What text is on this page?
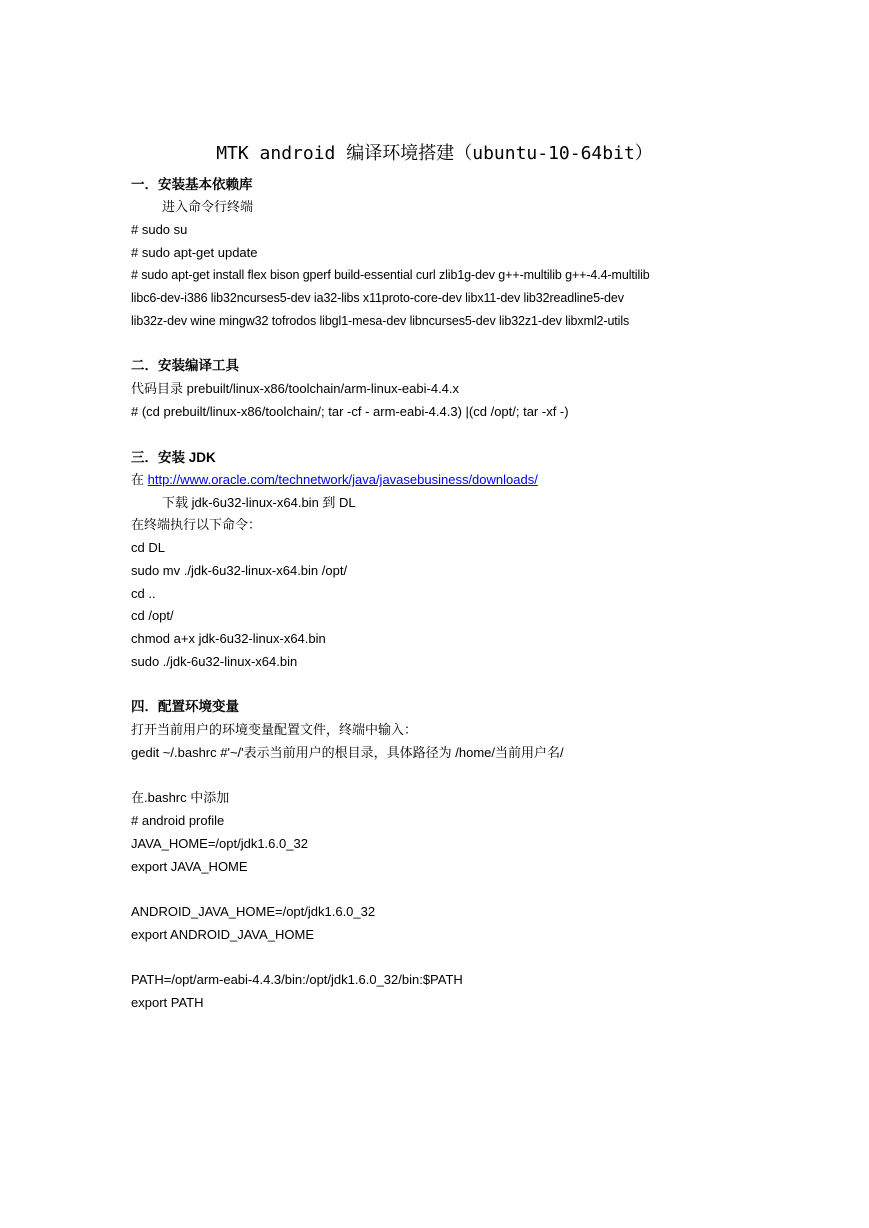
MTK android 编译环境搭建（ubuntu-10-64bit）
一．安装基本依赖库
进入命令行终端
# sudo su
# sudo apt-get update
# sudo apt-get install flex bison gperf build-essential curl zlib1g-dev g++-multilib g++-4.4-multilib
libc6-dev-i386 lib32ncurses5-dev ia32-libs x11proto-core-dev libx11-dev lib32readline5-dev
lib32z-dev wine mingw32 tofrodos libgl1-mesa-dev libncurses5-dev lib32z1-dev libxml2-utils
二．安装编译工具
代码目录 prebuilt/linux-x86/toolchain/arm-linux-eabi-4.4.x
# (cd prebuilt/linux-x86/toolchain/; tar -cf - arm-eabi-4.4.3) |(cd /opt/; tar -xf -)
三．安装 JDK
在 http://www.oracle.com/technetwork/java/javasebusiness/downloads/
下载 jdk-6u32-linux-x64.bin 到 DL
在终端执行以下命令：
cd DL
sudo mv ./jdk-6u32-linux-x64.bin /opt/
cd ..
cd /opt/
chmod a+x jdk-6u32-linux-x64.bin
sudo ./jdk-6u32-linux-x64.bin
四．配置环境变量
打开当前用户的环境变量配置文件，终端中输入：
gedit ~/.bashrc #'~/'表示当前用户的根目录，具体路径为 /home/当前用户名/
在.bashrc 中添加
# android profile
JAVA_HOME=/opt/jdk1.6.0_32
export JAVA_HOME
ANDROID_JAVA_HOME=/opt/jdk1.6.0_32
export ANDROID_JAVA_HOME
PATH=/opt/arm-eabi-4.4.3/bin:/opt/jdk1.6.0_32/bin:$PATH
export PATH
